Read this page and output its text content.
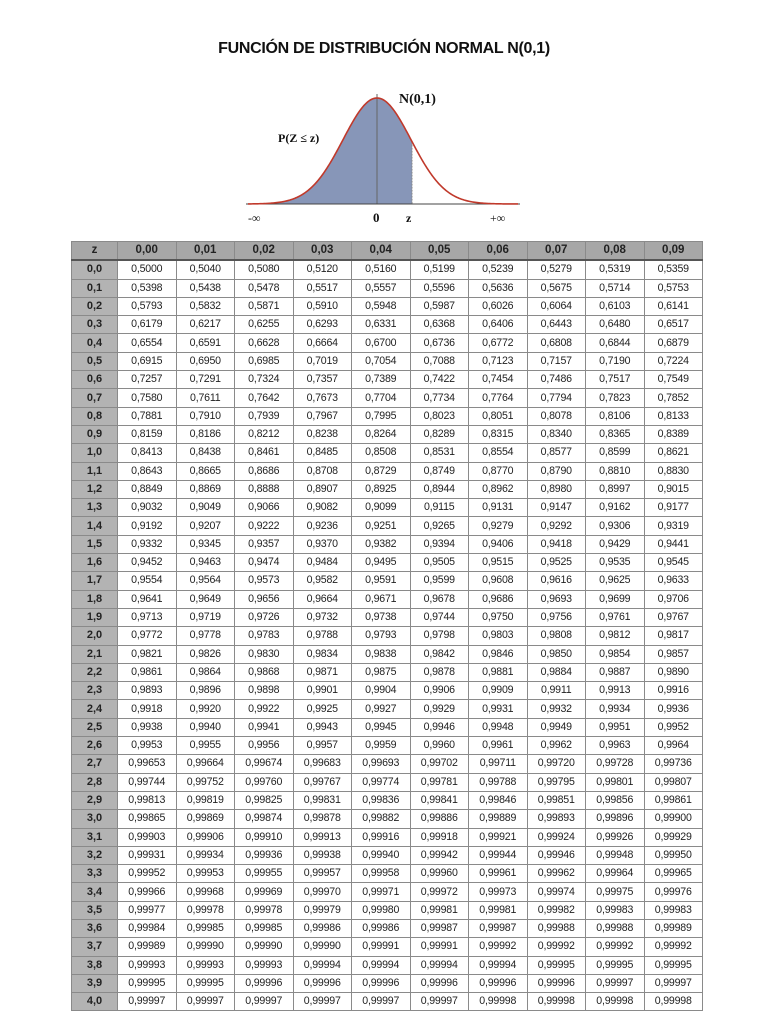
FUNCIÓN DE DISTRIBUCIÓN NORMAL N(0,1)
N(0,1)
P(Z ≤ z)
-∞	0 z	+∞
z	0,00	0,01	0,02	0,03	0,04	0,05	0,06	0,07	0,08	0,09
0,0	0,5000	0,5040	0,5080	0,5120	0,5160	0,5199	0,5239	0,5279	0,5319	0,5359
0,1	0,5398	0,5438	0,5478	0,5517	0,5557	0,5596	0,5636	0,5675	0,5714	0,5753
0,2	0,5793	0,5832	0,5871	0,5910	0,5948	0,5987	0,6026	0,6064	0,6103	0,6141
0,3	0,6179	0,6217	0,6255	0,6293	0,6331	0,6368	0,6406	0,6443	0,6480	0,6517
0,4	0,6554	0,6591	0,6628	0,6664	0,6700	0,6736	0,6772	0,6808	0,6844	0,6879
0,5	0,6915	0,6950	0,6985	0,7019	0,7054	0,7088	0,7123	0,7157	0,7190	0,7224
0,6	0,7257	0,7291	0,7324	0,7357	0,7389	0,7422	0,7454	0,7486	0,7517	0,7549
0,7	0,7580	0,7611	0,7642	0,7673	0,7704	0,7734	0,7764	0,7794	0,7823	0,7852
0,8	0,7881	0,7910	0,7939	0,7967	0,7995	0,8023	0,8051	0,8078	0,8106	0,8133
0,9	0,8159	0,8186	0,8212	0,8238	0,8264	0,8289	0,8315	0,8340	0,8365	0,8389
1,0	0,8413	0,8438	0,8461	0,8485	0,8508	0,8531	0,8554	0,8577	0,8599	0,8621
1,1	0,8643	0,8665	0,8686	0,8708	0,8729	0,8749	0,8770	0,8790	0,8810	0,8830
1,2	0,8849	0,8869	0,8888	0,8907	0,8925	0,8944	0,8962	0,8980	0,8997	0,9015
1,3	0,9032	0,9049	0,9066	0,9082	0,9099	0,9115	0,9131	0,9147	0,9162	0,9177
1,4	0,9192	0,9207	0,9222	0,9236	0,9251	0,9265	0,9279	0,9292	0,9306	0,9319
1,5	0,9332	0,9345	0,9357	0,9370	0,9382	0,9394	0,9406	0,9418	0,9429	0,9441
1,6	0,9452	0,9463	0,9474	0,9484	0,9495	0,9505	0,9515	0,9525	0,9535	0,9545
1,7	0,9554	0,9564	0,9573	0,9582	0,9591	0,9599	0,9608	0,9616	0,9625	0,9633
1,8	0,9641	0,9649	0,9656	0,9664	0,9671	0,9678	0,9686	0,9693	0,9699	0,9706
1,9	0,9713	0,9719	0,9726	0,9732	0,9738	0,9744	0,9750	0,9756	0,9761	0,9767
2,0	0,9772	0,9778	0,9783	0,9788	0,9793	0,9798	0,9803	0,9808	0,9812	0,9817
2,1	0,9821	0,9826	0,9830	0,9834	0,9838	0,9842	0,9846	0,9850	0,9854	0,9857
2,2	0,9861	0,9864	0,9868	0,9871	0,9875	0,9878	0,9881	0,9884	0,9887	0,9890
2,3	0,9893	0,9896	0,9898	0,9901	0,9904	0,9906	0,9909	0,9911	0,9913	0,9916
2,4	0,9918	0,9920	0,9922	0,9925	0,9927	0,9929	0,9931	0,9932	0,9934	0,9936
2,5	0,9938	0,9940	0,9941	0,9943	0,9945	0,9946	0,9948	0,9949	0,9951	0,9952
2,6	0,9953	0,9955	0,9956	0,9957	0,9959	0,9960	0,9961	0,9962	0,9963	0,9964
2,7	0,99653	0,99664	0,99674	0,99683	0,99693	0,99702	0,99711	0,99720	0,99728	0,99736
2,8	0,99744	0,99752	0,99760	0,99767	0,99774	0,99781	0,99788	0,99795	0,99801	0,99807
2,9	0,99813	0,99819	0,99825	0,99831	0,99836	0,99841	0,99846	0,99851	0,99856	0,99861
3,0	0,99865	0,99869	0,99874	0,99878	0,99882	0,99886	0,99889	0,99893	0,99896	0,99900
3,1	0,99903	0,99906	0,99910	0,99913	0,99916	0,99918	0,99921	0,99924	0,99926	0,99929
3,2	0,99931	0,99934	0,99936	0,99938	0,99940	0,99942	0,99944	0,99946	0,99948	0,99950
3,3	0,99952	0,99953	0,99955	0,99957	0,99958	0,99960	0,99961	0,99962	0,99964	0,99965
3,4	0,99966	0,99968	0,99969	0,99970	0,99971	0,99972	0,99973	0,99974	0,99975	0,99976
3,5	0,99977	0,99978	0,99978	0,99979	0,99980	0,99981	0,99981	0,99982	0,99983	0,99983
3,6	0,99984	0,99985	0,99985	0,99986	0,99986	0,99987	0,99987	0,99988	0,99988	0,99989
3,7	0,99989	0,99990	0,99990	0,99990	0,99991	0,99991	0,99992	0,99992	0,99992	0,99992
3,8	0,99993	0,99993	0,99993	0,99994	0,99994	0,99994	0,99994	0,99995	0,99995	0,99995
3,9	0,99995	0,99995	0,99996	0,99996	0,99996	0,99996	0,99996	0,99996	0,99997	0,99997
4,0	0,99997	0,99997	0,99997	0,99997	0,99997	0,99997	0,99998	0,99998	0,99998	0,99998
